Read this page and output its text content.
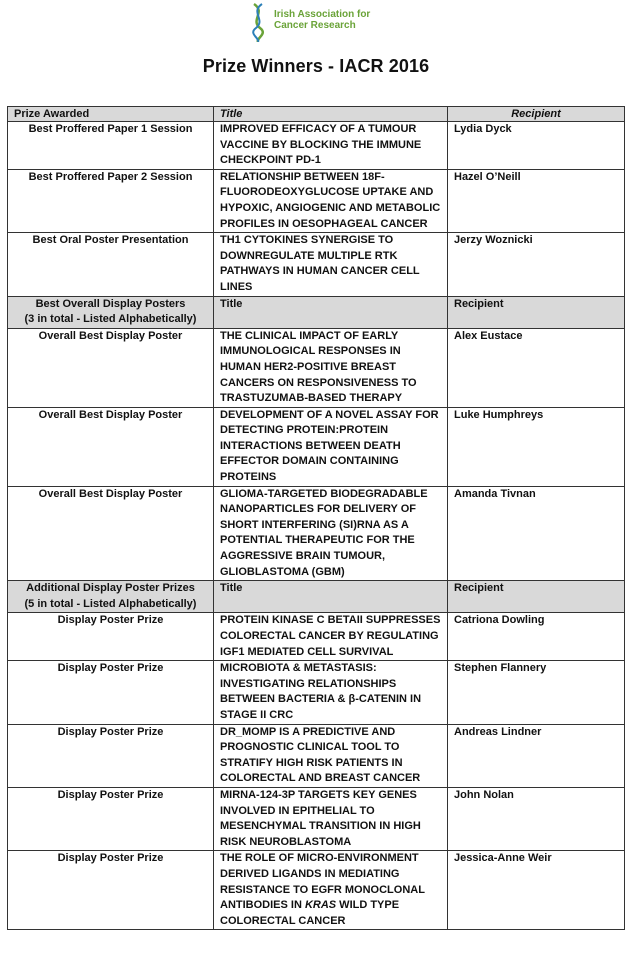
Irish Association for
Cancer Research
Prize Winners - IACR 2016
Prize Awarded	Title	Recipient
Best Proffered Paper 1 Session	IMPROVED EFFICACY OF A TUMOUR VACCINE BY BLOCKING THE IMMUNE CHECKPOINT PD-1	Lydia Dyck
Best Proffered Paper 2 Session	RELATIONSHIP BETWEEN 18F-FLUORODEOXYGLUCOSE UPTAKE AND HYPOXIC, ANGIOGENIC AND METABOLIC PROFILES IN OESOPHAGEAL CANCER	Hazel O’Neill
Best Oral Poster Presentation	TH1 CYTOKINES SYNERGISE TO DOWNREGULATE MULTIPLE RTK PATHWAYS IN HUMAN CANCER CELL LINES	Jerzy Woznicki

Best Overall Display Posters
(3 in total - Listed Alphabetically)	Title	Recipient
Overall Best Display Poster	THE CLINICAL IMPACT OF EARLY IMMUNOLOGICAL RESPONSES IN HUMAN HER2-POSITIVE BREAST CANCERS ON RESPONSIVENESS TO TRASTUZUMAB-BASED THERAPY	Alex Eustace
Overall Best Display Poster	DEVELOPMENT OF A NOVEL ASSAY FOR DETECTING PROTEIN:PROTEIN INTERACTIONS BETWEEN DEATH EFFECTOR DOMAIN CONTAINING PROTEINS	Luke Humphreys
Overall Best Display Poster	GLIOMA-TARGETED BIODEGRADABLE NANOPARTICLES FOR DELIVERY OF SHORT INTERFERING (SI)RNA AS A POTENTIAL THERAPEUTIC FOR THE AGGRESSIVE BRAIN TUMOUR, GLIOBLASTOMA (GBM)	Amanda Tivnan

Additional Display Poster Prizes
(5 in total - Listed Alphabetically)	Title	Recipient
Display Poster Prize	PROTEIN KINASE C BETAII SUPPRESSES COLORECTAL CANCER BY REGULATING IGF1 MEDIATED CELL SURVIVAL	Catriona Dowling
Display Poster Prize	MICROBIOTA & METASTASIS: INVESTIGATING RELATIONSHIPS BETWEEN BACTERIA & β-CATENIN IN STAGE II CRC	Stephen Flannery
Display Poster Prize	DR_MOMP IS A PREDICTIVE AND PROGNOSTIC CLINICAL TOOL TO STRATIFY HIGH RISK PATIENTS IN COLORECTAL AND BREAST CANCER	Andreas Lindner
Display Poster Prize	MIRNA-124-3P TARGETS KEY GENES INVOLVED IN EPITHELIAL TO MESENCHYMAL TRANSITION IN HIGH RISK NEUROBLASTOMA	John Nolan
Display Poster Prize	THE ROLE OF MICRO-ENVIRONMENT DERIVED LIGANDS IN MEDIATING RESISTANCE TO EGFR MONOCLONAL ANTIBODIES IN KRAS WILD TYPE COLORECTAL CANCER	Jessica-Anne Weir
